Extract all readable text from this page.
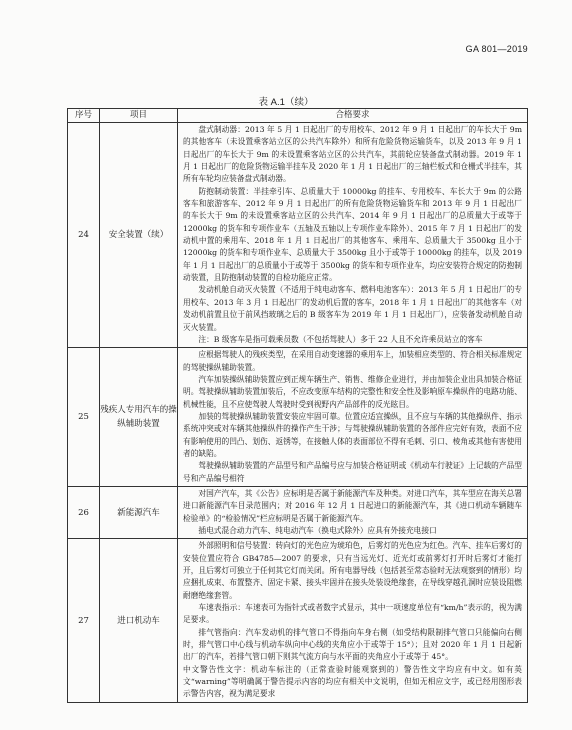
GA 801—2019
表 A.1（续）
序号	项目	合格要求
24	安全装置（续）	盘式制动器：2013 年 5 月 1 日起出厂的专用校车、2012 年 9 月 1 日起出厂的车长大于 9m 的其他客车（未设置乘客站立区的公共汽车除外）和所有危险货物运输货车，以及 2013 年 9 月 1 日起出厂的车长大于 9m 的未设置乘客站立区的公共汽车，其前轮应装备盘式制动器。2019 年 1 月 1 日起出厂的危险货物运输半挂车及 2020 年 1 月 1 日起出厂的三轴栏板式和仓栅式半挂车，其所有车轮均应装备盘式制动器。

防抱制动装置：半挂牵引车、总质量大于 10000kg 的挂车、专用校车、车长大于 9m 的公路客车和旅游客车、2012 年 9 月 1 日起出厂的所有危险货物运输货车和 2013 年 9 月 1 日起出厂的车长大于 9m 的未设置乘客站立区的公共汽车、2014 年 9 月 1 日起出厂的总质量大于或等于 12000kg 的货车和专项作业车（五轴及五轴以上专项作业车除外）、2015 年 7 月 1 日起出厂的发动机中置的乘用车、2018 年 1 月 1 日起出厂的其他客车、乘用车、总质量大于 3500kg 且小于 12000kg 的货车和专项作业车、总质量大于 3500kg 且小于或等于 10000kg 的挂车，以及 2019 年 1 月 1 日起出厂的总质量小于或等于 3500kg 的货车和专项作业车，均应安装符合规定的防抱制动装置，且防抱制动装置的自检功能应正常。

发动机舱自动灭火装置（不适用于纯电动客车、燃料电池客车）：2013 年 5 月 1 日起出厂的专用校车、2013 年 3 月 1 日起出厂的发动机后置的客车，2018 年 1 月 1 日起出厂的其他客车（对发动机前置且位于前风挡玻璃之后的 B 级客车为 2019 年 1 月 1 日起出厂），应装备发动机舱自动灭火装置。

注：B 级客车是指可载乘员数（不包括驾驶人）多于 22 人且不允许乘员站立的客车

25	残疾人专用汽车的操纵辅助装置	应根据驾驶人的残疾类型，在采用自动变速器的乘用车上，加装相应类型的、符合相关标准规定的驾驶操纵辅助装置。

汽车加装操纵辅助装置应到正规车辆生产、销售、维修企业进行，并由加装企业出具加装合格证明。驾驶操纵辅助装置加装后，不应改变原车结构的完整性和安全性及影响原车操纵件的电路功能、机械性能，且不应使驾驶人驾驶时受到视野内产品部件的反光眩目。

加装的驾驶操纵辅助装置安装应牢固可靠。位置应适宜操纵，且不应与车辆的其他操纵件、指示系统冲突或对车辆其他操纵件的操作产生干涉；与驾驶操纵辅助装置的各部件应完好有效，表面不应有影响使用的凹凸、划伤、返锈等，在接触人体的表面部位不得有毛刺、引口、棱角或其他有害使用者的缺陷。

驾驶操纵辅助装置的产品型号和产品编号应与加装合格证明或《机动车行驶证》上记载的产品型号和产品编号相符

26	新能源汽车	对国产汽车，其《公告》应标明是否属于新能源汽车及种类。对进口汽车，其车型应在海关总署进口新能源汽车目录范围内；对 2016 年 12 月 1 日起进口的新能源汽车，其《进口机动车辆随车检验单》的“检验情况”栏应标明是否属于新能源汽车。

插电式混合动力汽车、纯电动汽车（换电式除外）应具有外接充电接口

27	进口机动车	外部照明和信号装置：转向灯的光色应为琥珀色，后雾灯的光色应为红色。汽车、挂车后雾灯的安装位置应符合 GB4785—2007 的要求，只有当远光灯、近光灯或前雾灯打开时后雾灯才能打开，且后雾灯可独立于任何其它灯而关闭。所有电器导线（包括甚至常态验时无法观察到的情形）均应捆扎成束、布置整齐、固定卡紧、接头牢固并在接头处装设绝缘套，在导线穿越孔洞时应装设阻燃耐磨绝缘套管。

车速表指示：车速表可为指针式或者数字式显示，其中一项速度单位有“km/h”表示的，视为满足要求。

排气管指向：汽车发动机的排气管口不得指向车身右侧（如受结构限制排气管口只能偏向右侧时，排气管口中心线与机动车纵向中心线的夹角应小于或等于 15°）；且对 2020 年 1 月 1 日起新出厂的汽车，若排气管口朝下则其气流方向与水平面的夹角应小于或等于 45°。

中文警告性文字：机动车标注的（正常查验时能观察到的）警告性文字均应有中文。如有英文“warning”等明确属于警告提示内容的均应有相关中文说明，但如无相应文字，或已经用图形表示警告内容，视为满足要求
